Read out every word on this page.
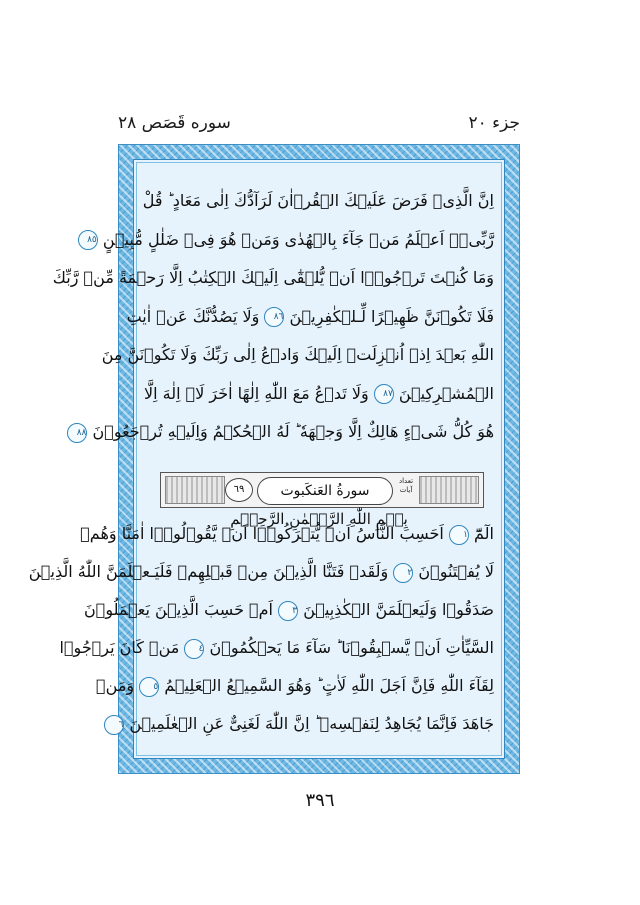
جزء ٢٠
سوره قَصَص ٢٨
اِنَّ الَّذِىۡ فَرَضَ عَلَيۡكَ الۡقُرۡاٰنَ لَرَآدُّكَ اِلٰى مَعَادٍ‌ ؕ قُلْ
رَّبِّىۡۤ اَعۡلَمُ مَنۡ جَآءَ بِالۡهُدٰى وَمَنۡ هُوَ فِىۡ ضَلٰلٍ مُّبِيۡنٍ ٨٥
وَمَا كُنۡتَ تَرۡجُوۡۤا اَنۡ يُّلۡقٰٓى اِلَيۡكَ الۡكِتٰبُ اِلَّا رَحۡمَةً مِّنۡ رَّبِّكَ‌
فَلَا تَكُوۡنَنَّ ظَهِيۡرًا لِّـلۡكٰفِرِيۡنَ ٨٦ وَلَا يَصُدُّنَّكَ عَنۡ اٰيٰتِ
اللّٰهِ بَعۡدَ اِذۡ اُنۡزِلَتۡ اِلَيۡكَ‌ وَادۡعُ اِلٰى رَبِّكَ‌ وَلَا تَكُوۡنَنَّ مِنَ
الۡمُشۡرِكِيۡنَ ٨٧ وَلَا تَدۡعُ مَعَ اللّٰهِ اِلٰهًا اٰخَرَ‌ لَاۤ اِلٰهَ اِلَّا
هُوَ‌ كُلُّ شَىۡءٍ هَالِكٌ اِلَّا وَجۡهَهٗ‌ ؕ لَهُ الۡحُكۡمُ وَاِلَيۡهِ تُرۡجَعُوۡنَ ٨٨
تعداد آیات
سورةُ العَنكَبوت
٦٩
بِسۡمِ اللّٰهِ الرَّحۡمٰنِ الرَّحِيۡمِ
الٓمّٓ ١ اَحَسِبَ النَّاسُ اَنۡ يُّتۡرَكُوۡۤا اَنۡ يَّقُوۡلُوۡۤا اٰمَنَّا وَهُمۡ
لَا يُفۡتَنُوۡنَ ٢ وَلَقَدۡ فَتَنَّا الَّذِيۡنَ مِنۡ قَبۡلِهِمۡ‌ فَلَيَـعۡلَمَنَّ اللّٰهُ الَّذِيۡنَ
صَدَقُوۡا وَلَيَعۡلَمَنَّ الۡكٰذِبِيۡنَ ٣ اَمۡ حَسِبَ الَّذِيۡنَ يَعۡمَلُوۡنَ
السَّيِّاٰتِ اَنۡ يَّسۡبِقُوۡنَا‌ ؕ سَآءَ مَا يَحۡكُمُوۡنَ ٤ مَنۡ كَانَ يَرۡجُوۡا
لِقَآءَ اللّٰهِ فَاِنَّ اَجَلَ اللّٰهِ لَاٰتٍ‌ ؕ وَهُوَ السَّمِيۡعُ الۡعَلِيۡمُ ٥ وَمَنۡ
جَاهَدَ فَاِنَّمَا يُجَاهِدُ لِنَفۡسِهٖ‌ ؕ اِنَّ اللّٰهَ لَغَنِىٌّ عَنِ الۡعٰلَمِيۡنَ ٦
٣٩٦
